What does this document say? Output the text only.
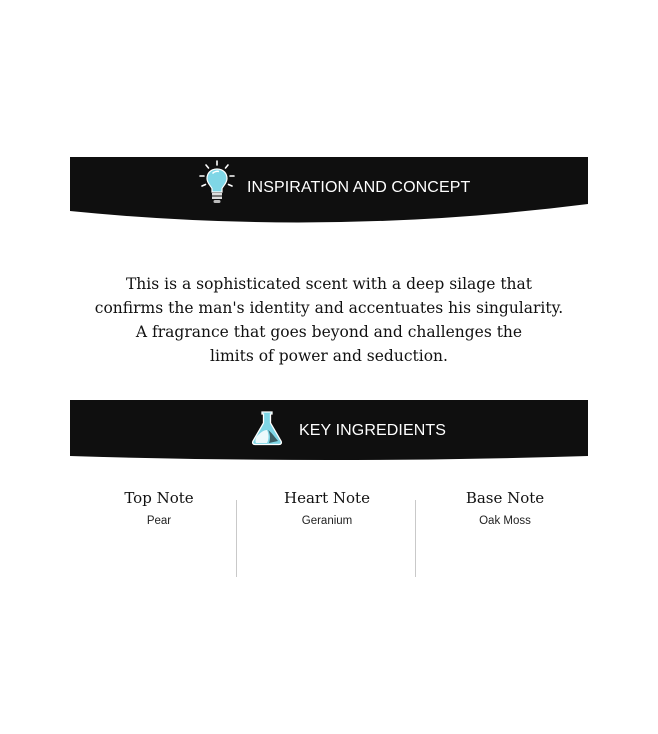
INSPIRATION AND CONCEPT

This is a sophisticated scent with a deep silage that

confirms the man's identity and accentuates his singularity.

A fragrance that goes beyond and challenges the

limits of power and seduction.

KEY INGREDIENTS
Top Note
Pear
Heart Note
Geranium
Base Note
Oak Moss
